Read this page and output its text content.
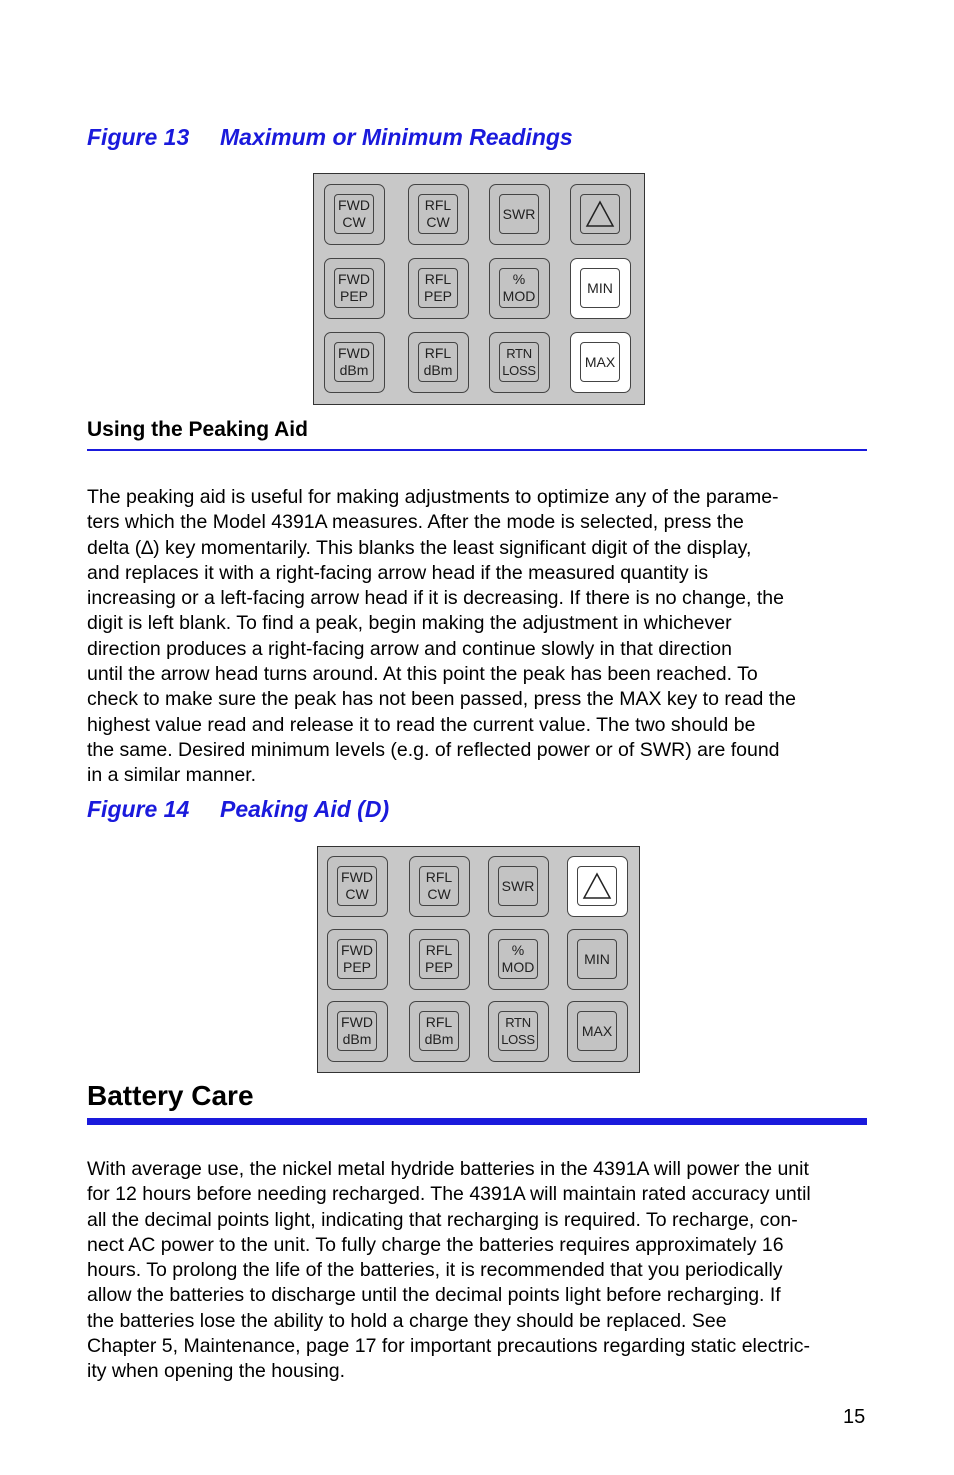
Figure 13 Maximum or Minimum Readings
FWD
CW
RFL
CW
SWR
FWD
PEP
RFL
PEP
%
MOD
MIN
FWD
dBm
RFL
dBm
RTN
LOSS
MAX
Using the Peaking Aid
The peaking aid is useful for making adjustments to optimize any of the parame-
ters which the Model 4391A measures. After the mode is selected, press the
delta (∆) key momentarily. This blanks the least significant digit of the display,
and replaces it with a right-facing arrow head if the measured quantity is
increasing or a left-facing arrow head if it is decreasing. If there is no change, the
digit is left blank. To find a peak, begin making the adjustment in whichever
direction produces a right-facing arrow and continue slowly in that direction
until the arrow head turns around. At this point the peak has been reached. To
check to make sure the peak has not been passed, press the MAX key to read the
highest value read and release it to read the current value. The two should be
the same. Desired minimum levels (e.g. of reflected power or of SWR) are found
in a similar manner.
Figure 14 Peaking Aid (D)
FWD
CW
RFL
CW
SWR
FWD
PEP
RFL
PEP
%
MOD
MIN
FWD
dBm
RFL
dBm
RTN
LOSS
MAX
Battery Care
With average use, the nickel metal hydride batteries in the 4391A will power the unit
for 12 hours before needing recharged. The 4391A will maintain rated accuracy until
all the decimal points light, indicating that recharging is required. To recharge, con-
nect AC power to the unit. To fully charge the batteries requires approximately 16
hours. To prolong the life of the batteries, it is recommended that you periodically
allow the batteries to discharge until the decimal points light before recharging. If
the batteries lose the ability to hold a charge they should be replaced. See
Chapter 5, Maintenance, page 17 for important precautions regarding static electric-
ity when opening the housing.
15
